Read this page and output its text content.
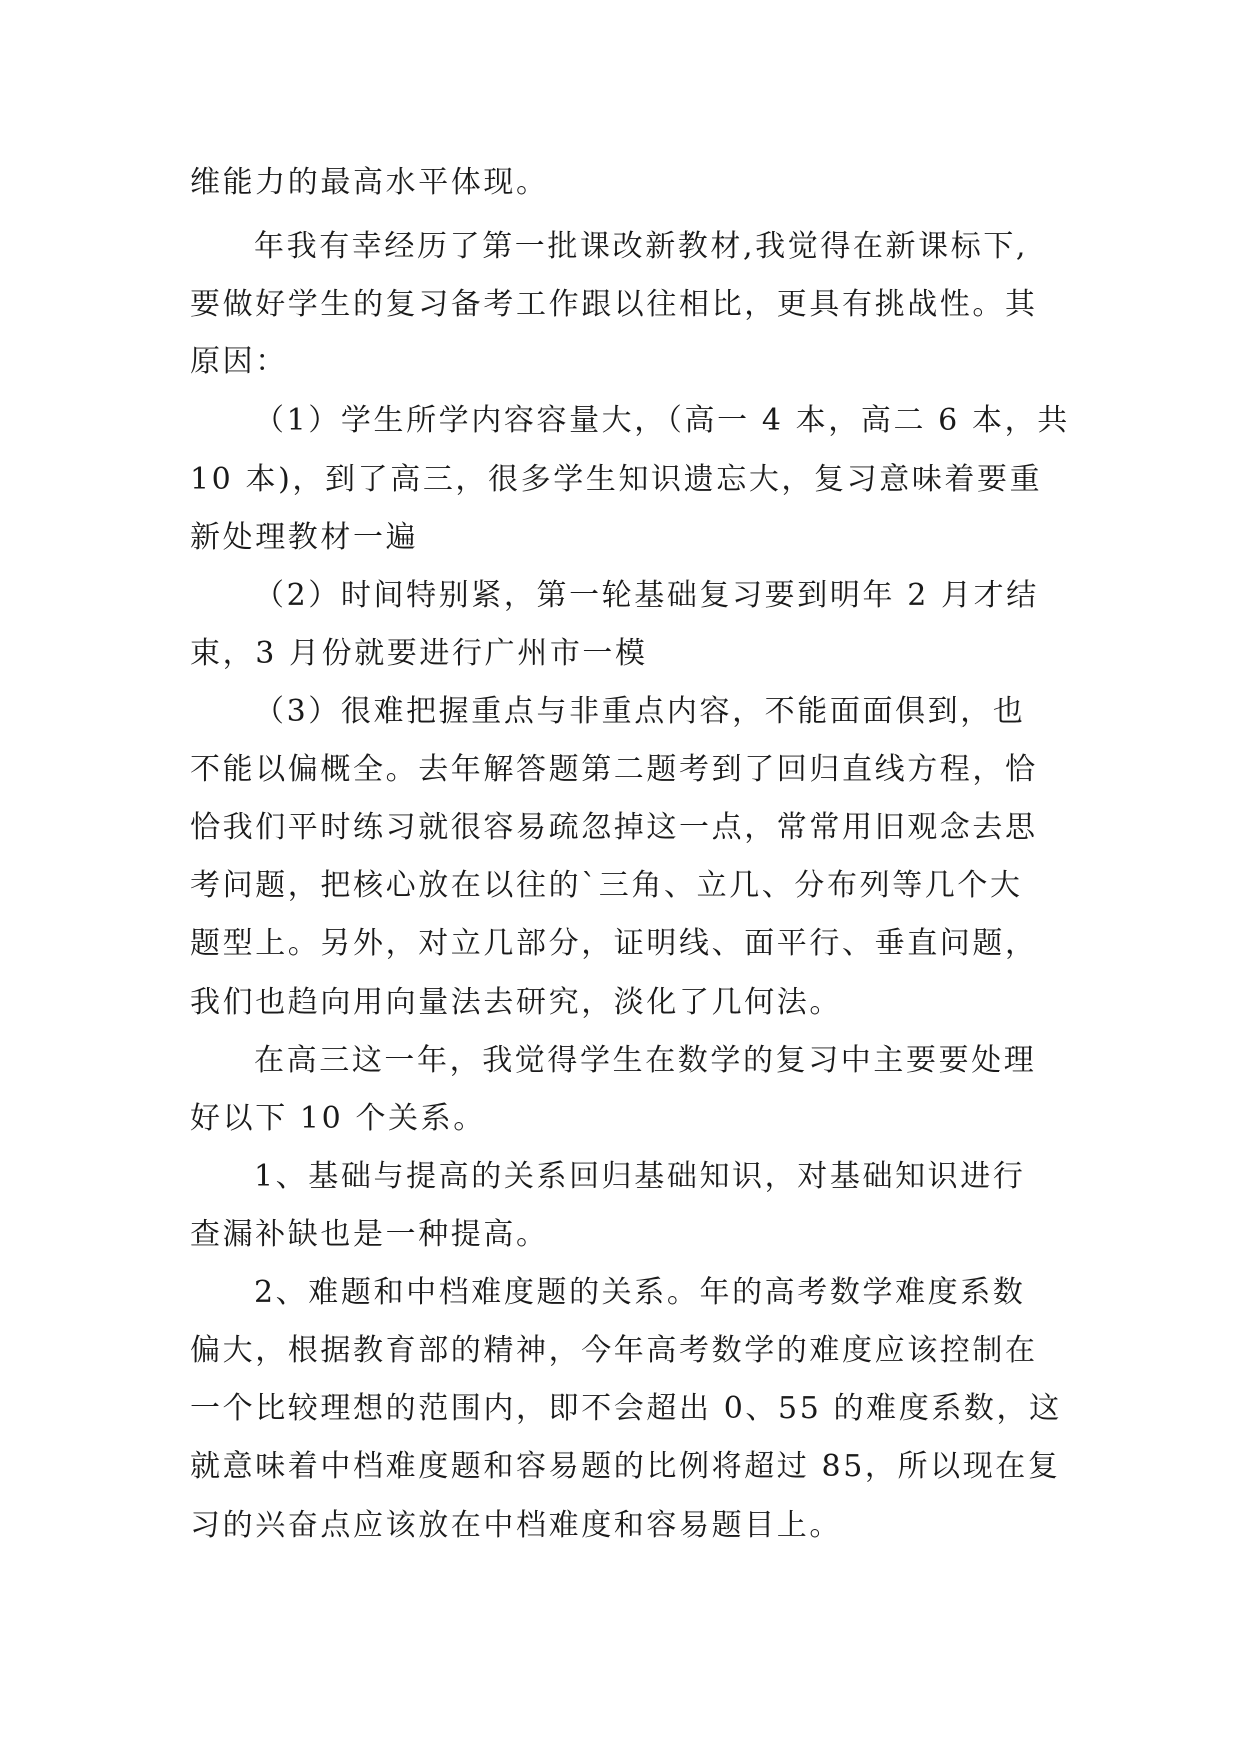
维能力的最高水平体现。
年我有幸经历了第一批课改新教材,我觉得在新课标下,
要做好学生的复习备考工作跟以往相比，更具有挑战性。其
原因：
（1）学生所学内容容量大，（高一 4 本，高二 6 本，共
10 本)，到了高三，很多学生知识遗忘大，复习意味着要重
新处理教材一遍
（2）时间特别紧，第一轮基础复习要到明年 2 月才结
束，3 月份就要进行广州市一模
（3）很难把握重点与非重点内容，不能面面俱到，也
不能以偏概全。去年解答题第二题考到了回归直线方程，恰
恰我们平时练习就很容易疏忽掉这一点，常常用旧观念去思
考问题，把核心放在以往的`三角、立几、分布列等几个大
题型上。另外，对立几部分，证明线、面平行、垂直问题，
我们也趋向用向量法去研究，淡化了几何法。
在高三这一年，我觉得学生在数学的复习中主要要处理
好以下 10 个关系。
1、基础与提高的关系回归基础知识，对基础知识进行
查漏补缺也是一种提高。
2、难题和中档难度题的关系。年的高考数学难度系数
偏大，根据教育部的精神，今年高考数学的难度应该控制在
一个比较理想的范围内，即不会超出 0、55 的难度系数，这
就意味着中档难度题和容易题的比例将超过 85，所以现在复
习的兴奋点应该放在中档难度和容易题目上。
